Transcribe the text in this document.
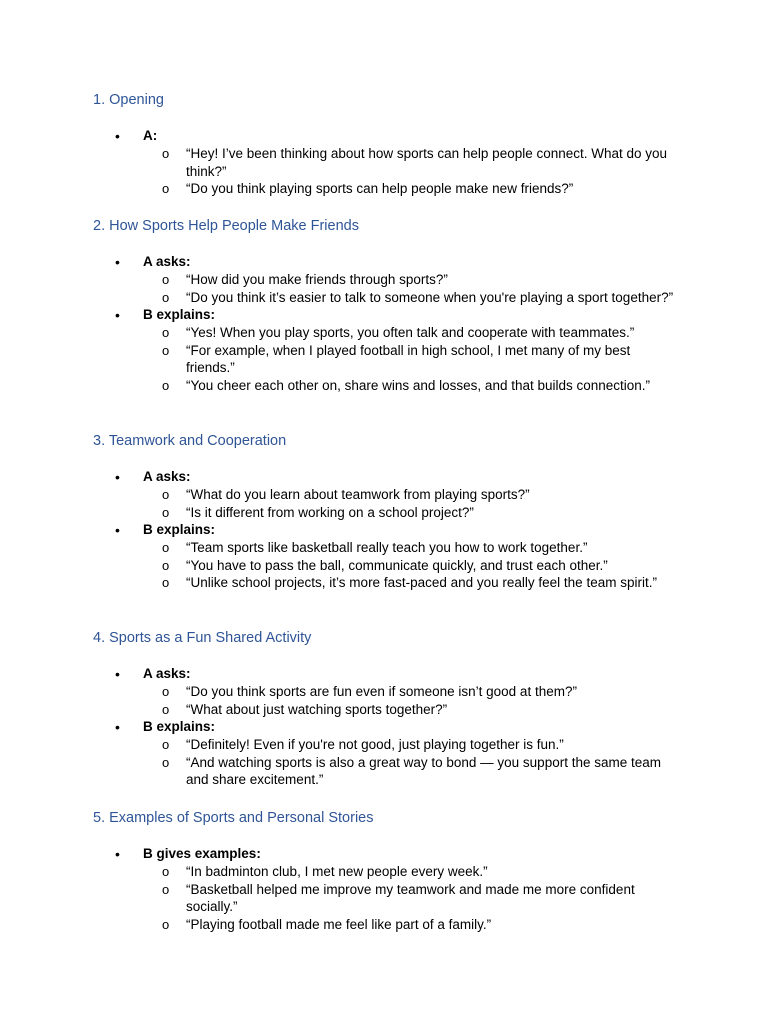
1. Opening
• A:
o “Hey! I’ve been thinking about how sports can help people connect. What do you think?”
o “Do you think playing sports can help people make new friends?”
2. How Sports Help People Make Friends
• A asks:
o “How did you make friends through sports?”
o “Do you think it’s easier to talk to someone when you're playing a sport together?”
• B explains:
o “Yes! When you play sports, you often talk and cooperate with teammates.”
o “For example, when I played football in high school, I met many of my best friends.”
o “You cheer each other on, share wins and losses, and that builds connection.”
3. Teamwork and Cooperation
• A asks:
o “What do you learn about teamwork from playing sports?”
o “Is it different from working on a school project?”
• B explains:
o “Team sports like basketball really teach you how to work together.”
o “You have to pass the ball, communicate quickly, and trust each other.”
o “Unlike school projects, it’s more fast-paced and you really feel the team spirit.”
4. Sports as a Fun Shared Activity
• A asks:
o “Do you think sports are fun even if someone isn’t good at them?”
o “What about just watching sports together?”
• B explains:
o “Definitely! Even if you're not good, just playing together is fun.”
o “And watching sports is also a great way to bond — you support the same team and share excitement.”
5. Examples of Sports and Personal Stories
• B gives examples:
o “In badminton club, I met new people every week.”
o “Basketball helped me improve my teamwork and made me more confident socially.”
o “Playing football made me feel like part of a family.”
